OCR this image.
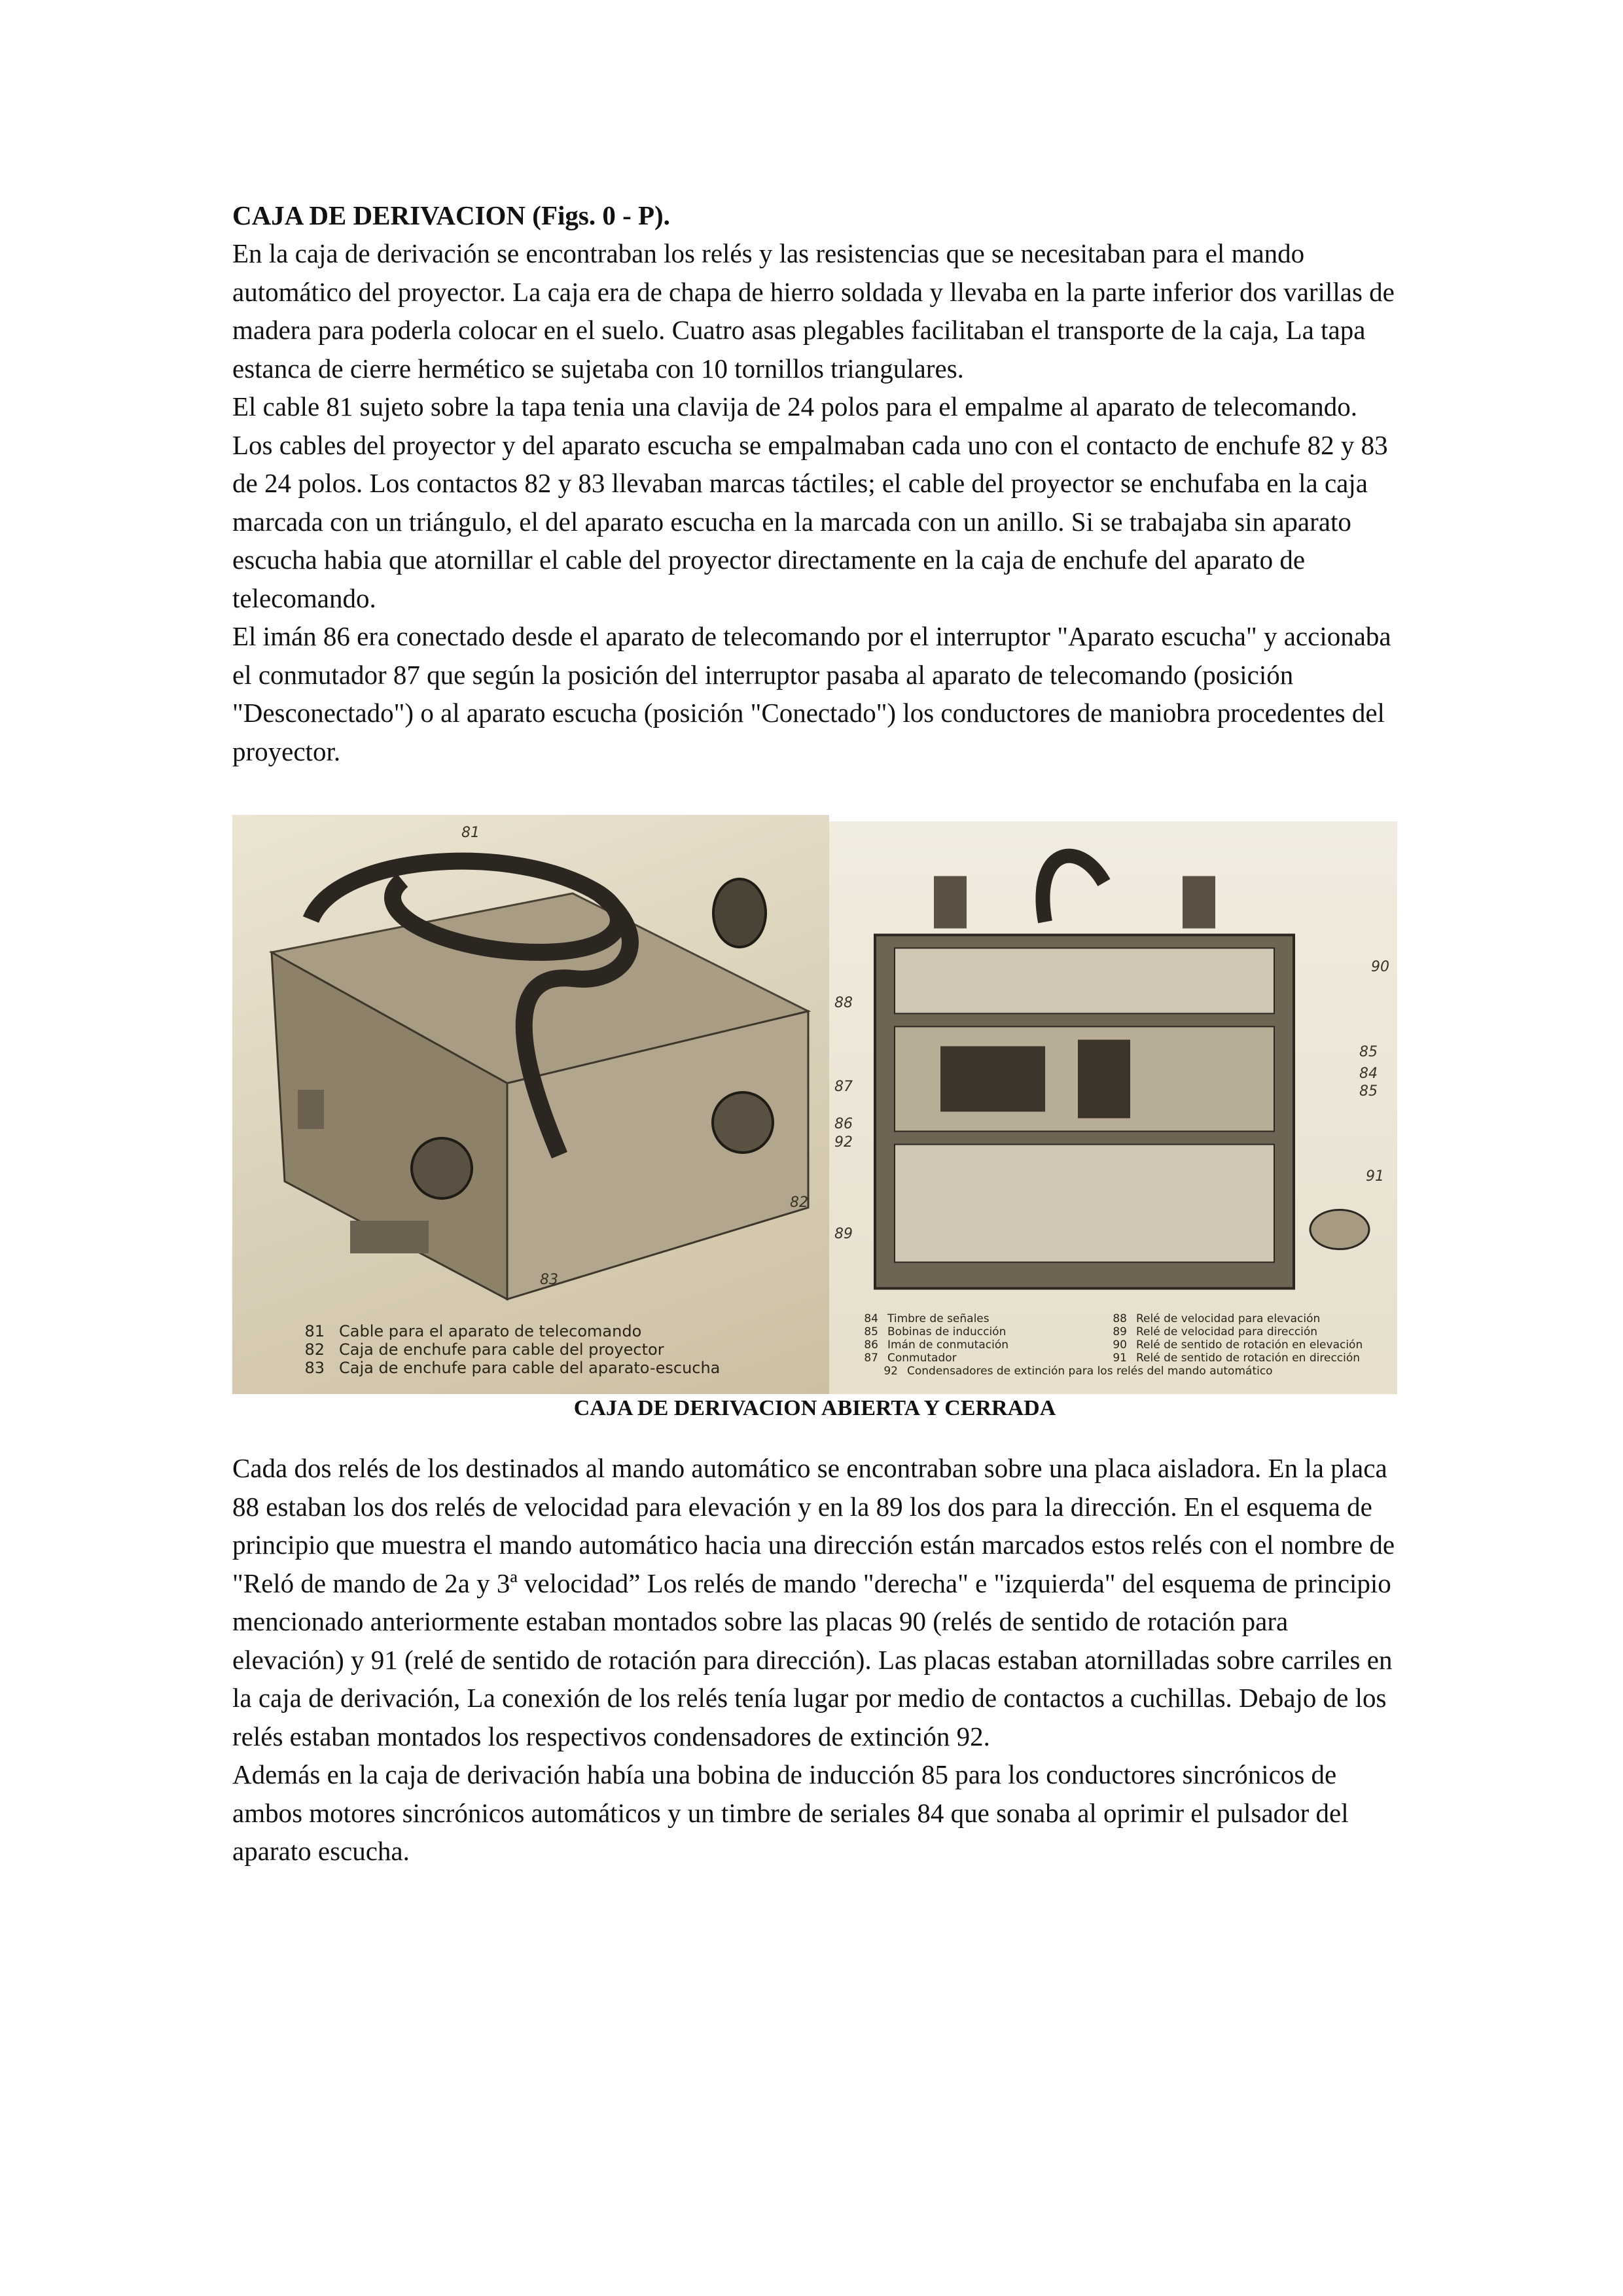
CAJA DE DERIVACION (Figs. 0 - P).

En la caja de derivación se encontraban los relés y las resistencias que se necesitaban para el mando automático del proyector. La caja era de chapa de hierro soldada y llevaba en la parte inferior dos varillas de madera para poderla colocar en el suelo. Cuatro asas plegables facilitaban el transporte de la caja, La tapa estanca de cierre hermético se sujetaba con 10 tornillos triangulares.

El cable 81 sujeto sobre la tapa tenia una clavija de 24 polos para el empalme al aparato de telecomando. Los cables del proyector y del aparato escucha se empalmaban cada uno con el contacto de enchufe 82 y 83 de 24 polos. Los contactos 82 y 83 llevaban marcas táctiles; el cable del proyector se enchufaba en la caja marcada con un triángulo, el del aparato escucha en la marcada con un anillo. Si se trabajaba sin aparato escucha habia que atornillar el cable del proyector directamente en la caja de enchufe del aparato de telecomando.

El imán 86 era conectado desde el aparato de telecomando por el interruptor "Aparato escucha" y accionaba el conmutador 87 que según la posición del interruptor pasaba al aparato de telecomando (posición "Desconectado") o al aparato escucha (posición "Conectado") los conductores de maniobra procedentes del proyector.

81
82
83
81 Cable para el aparato de telecomando
82 Caja de enchufe para cable del proyector
83 Caja de enchufe para cable del aparato-escucha
88
87
86
92
89
90
85
84
85
91
84 Timbre de señales	88 Relé de velocidad para elevación
85 Bobinas de inducción	89 Relé de velocidad para dirección
86 Imán de conmutación	90 Relé de sentido de rotación en elevación
87 Conmutador	91 Relé de sentido de rotación en dirección
92 Condensadores de extinción para los relés del mando automático
CAJA DE DERIVACION ABIERTA Y CERRADA

Cada dos relés de los destinados al mando automático se encontraban sobre una placa aisladora. En la placa 88 estaban los dos relés de velocidad para elevación y en la 89 los dos para la dirección. En el esquema de principio que muestra el mando automático hacia una dirección están marcados estos relés con el nombre de "Reló de mando de 2a y 3ª velocidad” Los relés de mando "derecha" e "izquierda" del esquema de principio mencionado anteriormente estaban montados sobre las placas 90 (relés de sentido de rotación para elevación) y 91 (relé de sentido de rotación para dirección). Las placas estaban atornilladas sobre carriles en la caja de derivación, La conexión de los relés tenía lugar por medio de contactos a cuchillas. Debajo de los relés estaban montados los respectivos condensadores de extinción 92.

Además en la caja de derivación había una bobina de inducción 85 para los conductores sincrónicos de ambos motores sincrónicos automáticos y un timbre de seriales 84 que sonaba al oprimir el pulsador del aparato escucha.
